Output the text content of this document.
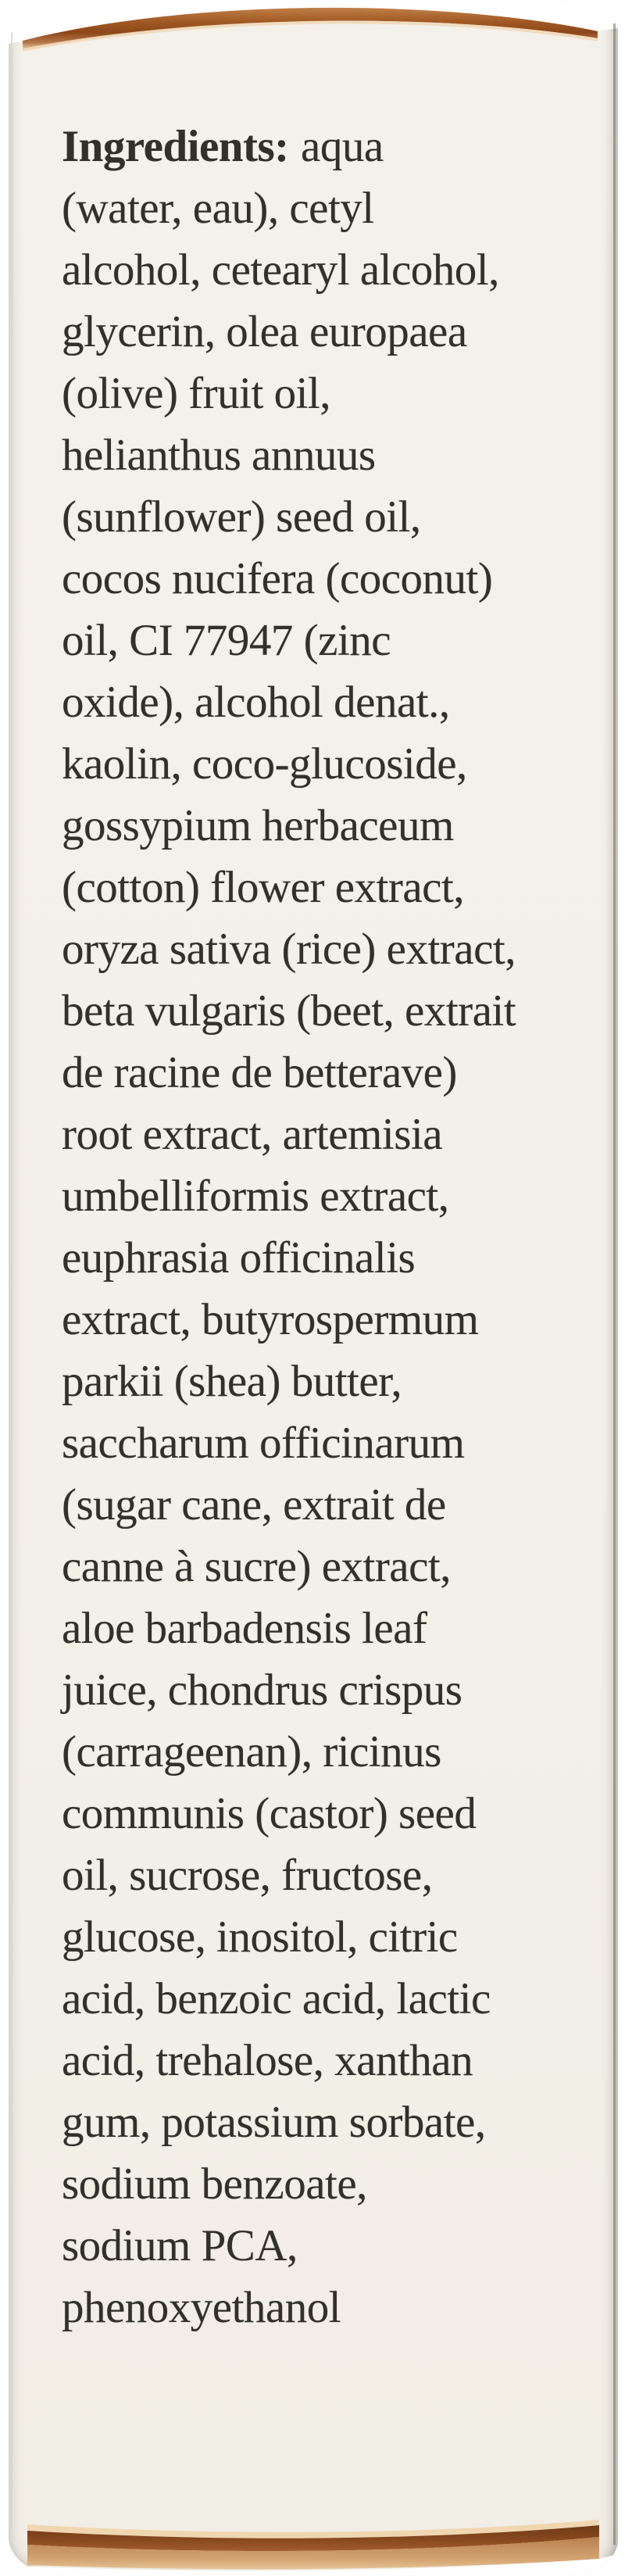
Ingredients: aqua
(water, eau), cetyl
alcohol, cetearyl alcohol,
glycerin, olea europaea
(olive) fruit oil,
helianthus annuus
(sunflower) seed oil,
cocos nucifera (coconut)
oil, CI 77947 (zinc
oxide), alcohol denat.,
kaolin, coco-glucoside,
gossypium herbaceum
(cotton) flower extract,
oryza sativa (rice) extract,
beta vulgaris (beet, extrait
de racine de betterave)
root extract, artemisia
umbelliformis extract,
euphrasia officinalis
extract, butyrospermum
parkii (shea) butter,
saccharum officinarum
(sugar cane, extrait de
canne à sucre) extract,
aloe barbadensis leaf
juice, chondrus crispus
(carrageenan), ricinus
communis (castor) seed
oil, sucrose, fructose,
glucose, inositol, citric
acid, benzoic acid, lactic
acid, trehalose, xanthan
gum, potassium sorbate,
sodium benzoate,
sodium PCA,
phenoxyethanol
